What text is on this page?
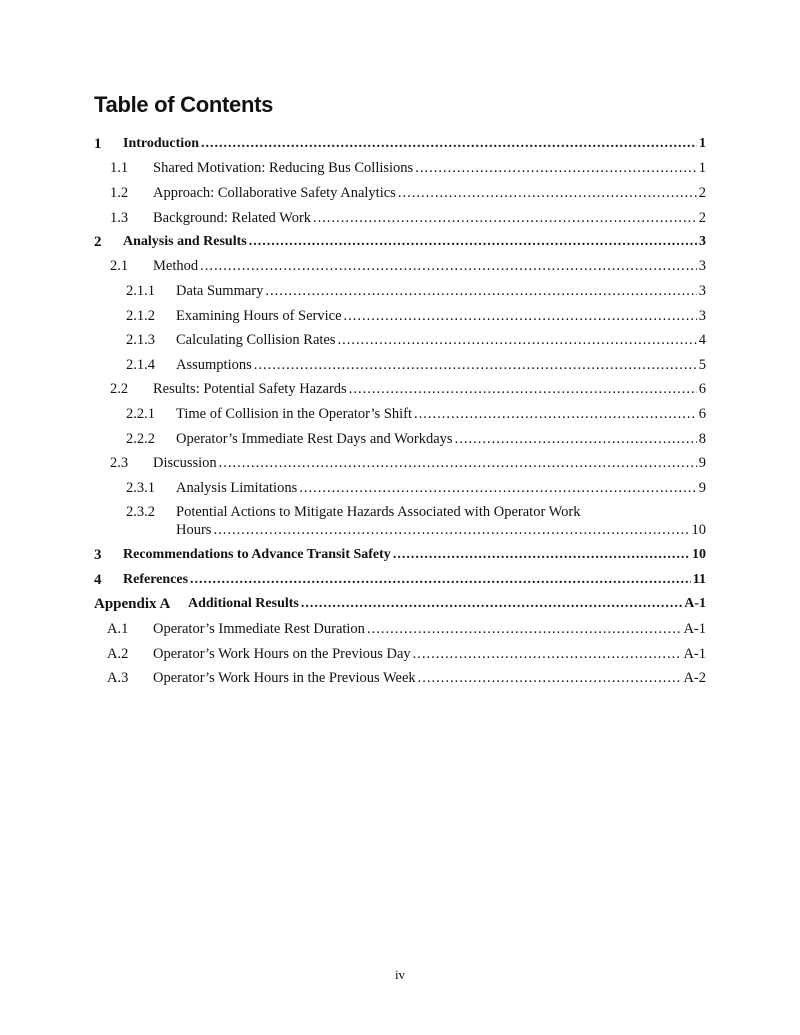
Table of Contents
1 Introduction .....	1
1.1 Shared Motivation: Reducing Bus Collisions .....	1
1.2 Approach: Collaborative Safety Analytics .....	2
1.3 Background: Related Work .....	2
2 Analysis and Results .....	3
2.1 Method .....	3
2.1.1 Data Summary .....	3
2.1.2 Examining Hours of Service .....	3
2.1.3 Calculating Collision Rates .....	4
2.1.4 Assumptions .....	5
2.2 Results: Potential Safety Hazards .....	6
2.2.1 Time of Collision in the Operator’s Shift .....	6
2.2.2 Operator’s Immediate Rest Days and Workdays .....	8
2.3 Discussion .....	9
2.3.1 Analysis Limitations .....	9
2.3.2 Potential Actions to Mitigate Hazards Associated with Operator Work
Hours .....	10
3 Recommendations to Advance Transit Safety .....	10
4 References .....	11
Appendix A Additional Results .....	A-1
A.1 Operator’s Immediate Rest Duration .....	A-1
A.2 Operator’s Work Hours on the Previous Day .....	A-1
A.3 Operator’s Work Hours in the Previous Week .....	A-2
iv
